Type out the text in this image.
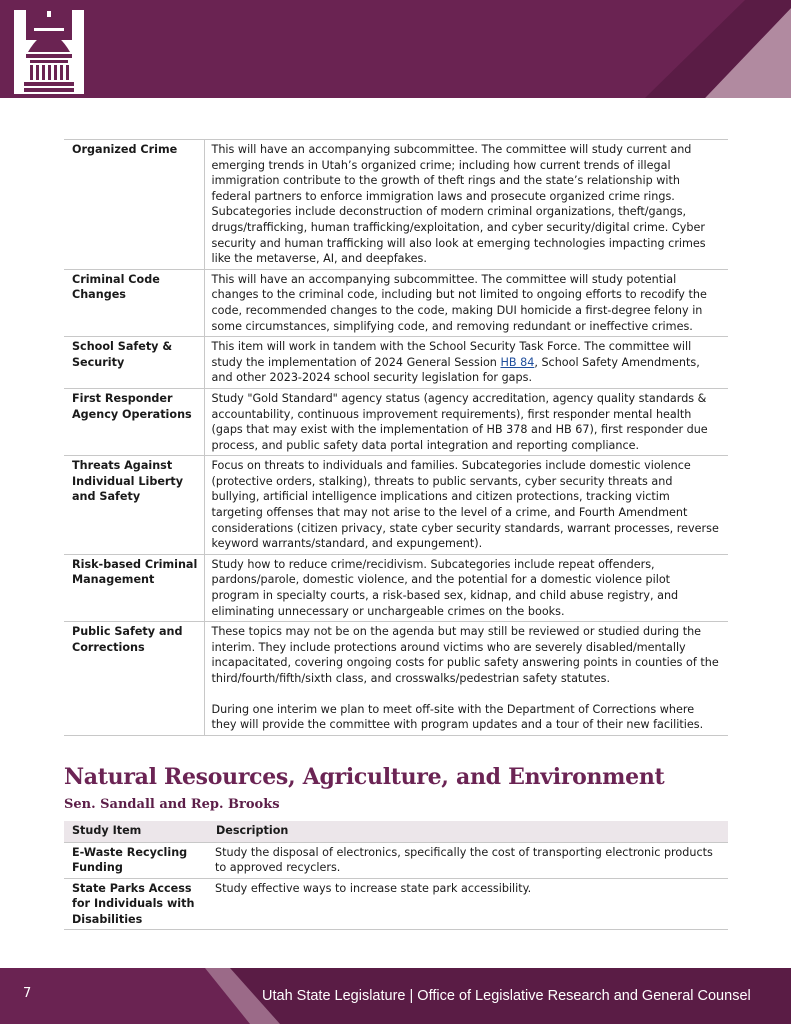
Organized Crime	This will have an accompanying subcommittee. The committee will study current and emerging trends in Utah’s organized crime; including how current trends of illegal immigration contribute to the growth of theft rings and the state’s relationship with federal partners to enforce immigration laws and prosecute organized crime rings. Subcategories include deconstruction of modern criminal organizations, theft/gangs, drugs/trafficking, human trafficking/exploitation, and cyber security/digital crime. Cyber security and human trafficking will also look at emerging technologies impacting crimes like the metaverse, AI, and deepfakes.
Criminal Code Changes	This will have an accompanying subcommittee. The committee will study potential changes to the criminal code, including but not limited to ongoing efforts to recodify the code, recommended changes to the code, making DUI homicide a first-degree felony in some circumstances, simplifying code, and removing redundant or ineffective crimes.
School Safety & Security	This item will work in tandem with the School Security Task Force. The committee will study the implementation of 2024 General Session HB 84, School Safety Amendments, and other 2023-2024 school security legislation for gaps.
First Responder Agency Operations	Study "Gold Standard" agency status (agency accreditation, agency quality standards & accountability, continuous improvement requirements), first responder mental health (gaps that may exist with the implementation of HB 378 and HB 67), first responder due process, and public safety data portal integration and reporting compliance.
Threats Against Individual Liberty and Safety	Focus on threats to individuals and families. Subcategories include domestic violence (protective orders, stalking), threats to public servants, cyber security threats and bullying, artificial intelligence implications and citizen protections, tracking victim targeting offenses that may not arise to the level of a crime, and Fourth Amendment considerations (citizen privacy, state cyber security standards, warrant processes, reverse keyword warrants/standard, and expungement).
Risk-based Criminal Management	Study how to reduce crime/recidivism. Subcategories include repeat offenders, pardons/parole, domestic violence, and the potential for a domestic violence pilot program in specialty courts, a risk-based sex, kidnap, and child abuse registry, and eliminating unnecessary or unchargeable crimes on the books.
Public Safety and Corrections	These topics may not be on the agenda but may still be reviewed or studied during the interim. They include protections around victims who are severely disabled/mentally incapacitated, covering ongoing costs for public safety answering points in counties of the third/fourth/fifth/sixth class, and crosswalks/pedestrian safety statutes.

During one interim we plan to meet off-site with the Department of Corrections where they will provide the committee with program updates and a tour of their new facilities.

Natural Resources, Agriculture, and Environment
Sen. Sandall and Rep. Brooks
Study Item	Description
E-Waste Recycling Funding	Study the disposal of electronics, specifically the cost of transporting electronic products to approved recyclers.
State Parks Access for Individuals with Disabilities	Study effective ways to increase state park accessibility.
7	Utah State Legislature | Office of Legislative Research and General Counsel
